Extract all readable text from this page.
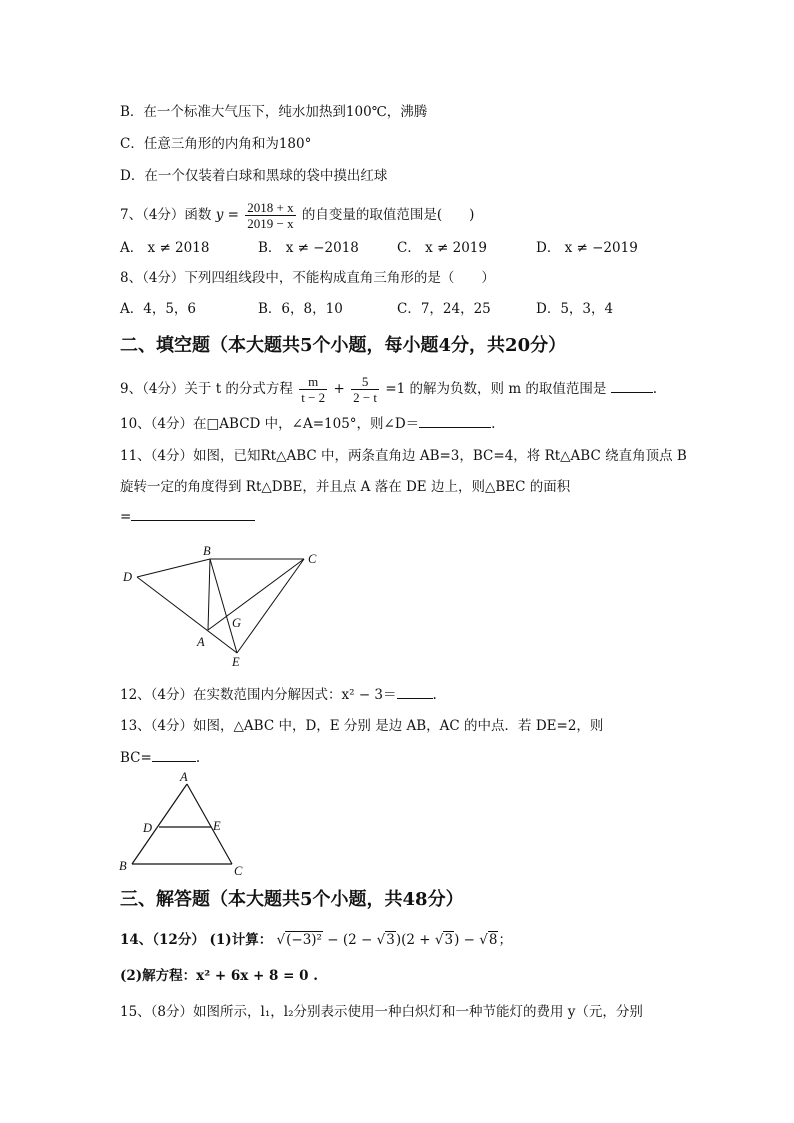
B．在一个标准大气压下，纯水加热到100℃，沸腾
C．任意三角形的内角和为180°
D．在一个仅装着白球和黑球的袋中摸出红球
7、（4分）函数 $y = \frac{2018 + x}{2019 - x}$ 的自变量的取值范围是(　　)
A． x ≠ 2018	B． x ≠ −2018	C． x ≠ 2019	D． x ≠ −2019
8、（4分）下列四组线段中，不能构成直角三角形的是（　　）
A．4，5，6	B．6，8，10	C．7，24，25	D．5，3，4
二、填空题（本大题共5个小题，每小题4分，共20分）
9、（4分）关于 t 的分式方程 $\frac{m}{t - 2} + \frac{5}{2 - t} =1$ 的解为负数，则 m 的取值范围是	.
10、（4分）在□ABCD 中，∠A=105°，则∠D＝	.
11、（4分）如图，已知Rt△ABC 中，两条直角边 AB=3，BC=4，将 Rt△ABC 绕直角顶点 B
旋转一定的角度得到 Rt△DBE，并且点 A 落在 DE 边上，则△BEC 的面积
=
B
C
D
G
A
E
12、（4分）在实数范围内分解因式：x² − 3＝	.
13、（4分）如图，△ABC 中，D，E 分别 是边 AB，AC 的中点．若 DE=2，则
BC=	.
A
D	E
B	C
三、解答题（本大题共5个小题，共48分）
14、（12分） (1)计算： √(−3)² − (2 − √3)(2 + √3) − √8；
(2)解方程：x² + 6x + 8 = 0 .
15、（8分）如图所示，l₁，l₂分别表示使用一种白炽灯和一种节能灯的费用 y（元，分别
